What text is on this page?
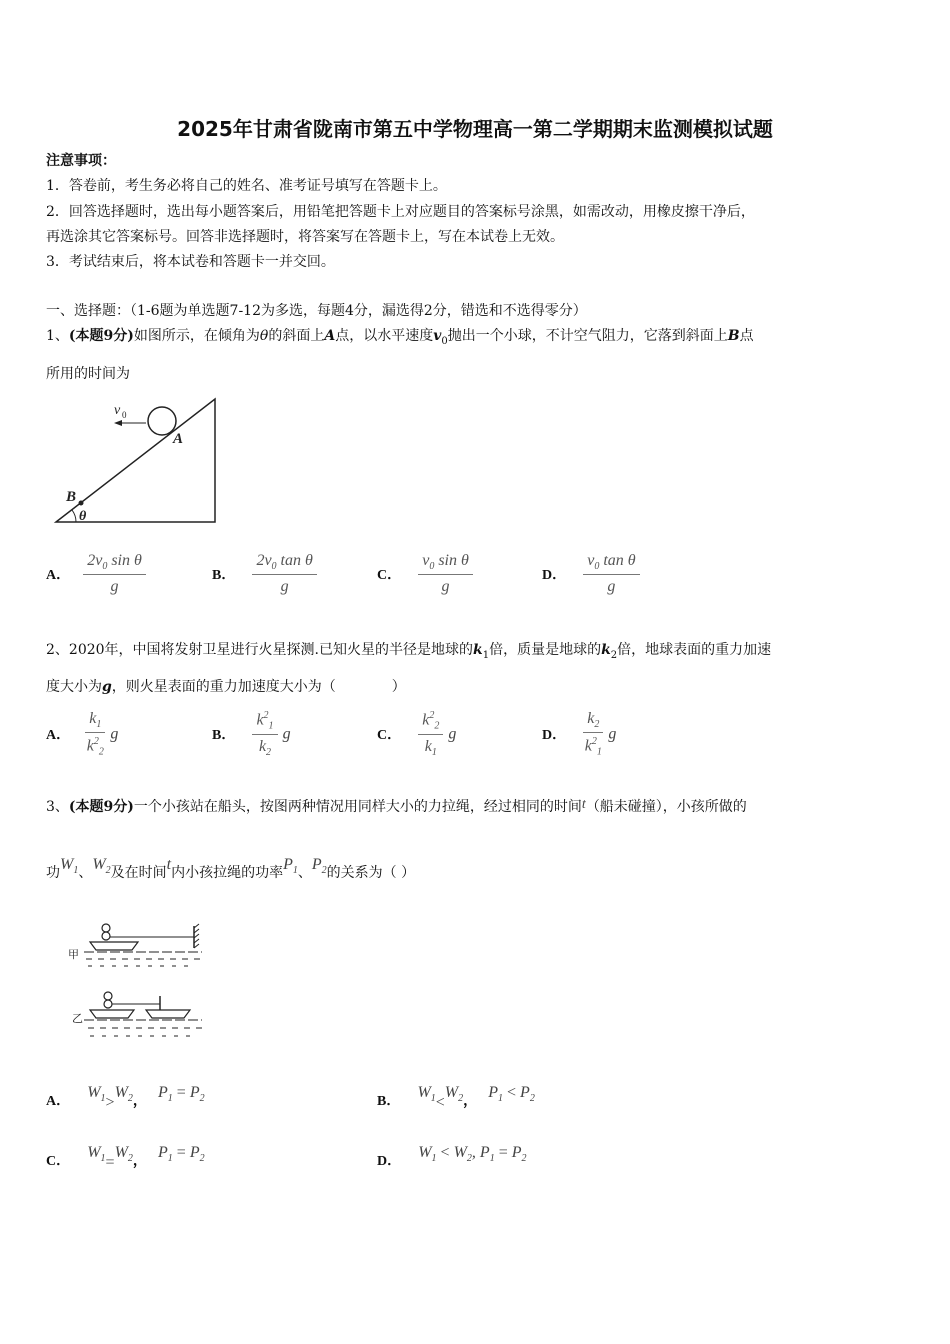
2025年甘肃省陇南市第五中学物理高一第二学期期末监测模拟试题
注意事项：
1．答卷前，考生务必将自己的姓名、准考证号填写在答题卡上。
2．回答选择题时，选出每小题答案后，用铅笔把答题卡上对应题目的答案标号涂黑，如需改动，用橡皮擦干净后，
再选涂其它答案标号。回答非选择题时，将答案写在答题卡上，写在本试卷上无效。
3．考试结束后，将本试卷和答题卡一并交回。
一、选择题：（1-6题为单选题7-12为多选，每题4分，漏选得2分，错选和不选得零分）
1、(本题9分)如图所示，在倾角为θ的斜面上A点，以水平速度$v_0$抛出一个小球，不计空气阻力，它落到斜面上B点
所用的时间为
v 0
A
B
θ
A． $\frac{2v_0 \sin \theta}{g}$	B． $\frac{2v_0 \tan \theta}{g}$	C． $\frac{v_0 \sin \theta}{g}$	D． $\frac{v_0 \tan \theta}{g}$
2、2020年，中国将发射卫星进行火星探测.已知火星的半径是地球的$k_1$倍，质量是地球的$k_2$倍，地球表面的重力加速
度大小为g，则火星表面的重力加速度大小为（　　　　）
A． $\frac{k_1}{k^2_2}$ g	B． $\frac{k^2_1}{k_2}$ g	C． $\frac{k^2_2}{k_1}$ g	D． $\frac{k_2}{k^2_1}$ g
3、(本题9分)一个小孩站在船头，按图两种情况用同样大小的力拉绳，经过相同的时间t（船未碰撞），小孩所做的
功$W_1$、$W_2$及在时间t内小孩拉绳的功率$P_1$、$P_2$的关系为（ ）
甲
乙
A． $W_1>W_2$， $P_1 = P_2$	B． $W_1<W_2$， $P_1 < P_2$
C． $W_1=W_2$， $P_1 = P_2$	D． $W_1 < W_2$, $P_1 = P_2$
